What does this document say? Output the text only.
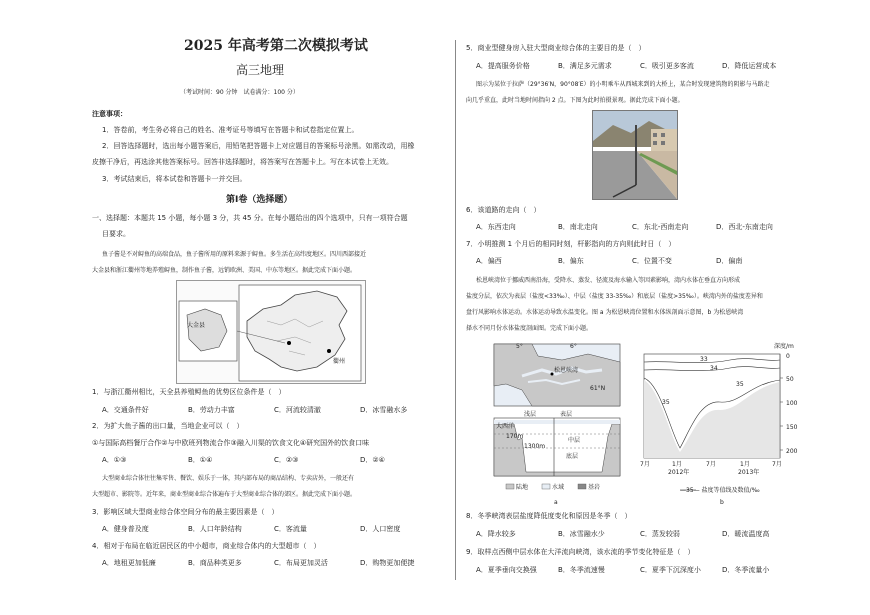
2025 年高考第二次模拟考试
高三地理
（考试时间：90 分钟　试卷满分：100 分）
注意事项：
1．答卷前，考生务必将自己的姓名、准考证号等填写在答题卡和试卷指定位置上。
2．回答选择题时，选出每小题答案后，用铅笔把答题卡上对应题目的答案标号涂黑。如需改动，用橡
皮擦干净后，再选涂其他答案标号。回答非选择题时，将答案写在答题卡上。写在本试卷上无效。
3．考试结束后，将本试卷和答题卡一并交回。
第Ⅰ卷（选择题）
一、选择题：本题共 15 小题，每小题 3 分，共 45 分。在每小题给出的四个选项中，只有一项符合题
目要求。
鱼子酱是不对鲟鱼的高端食品，鱼子酱所用的原料来源于鲟鱼。多生活在高纬度地区。四川西部接近
大金县和浙江衢州等地养殖鲟鱼，制作鱼子酱，远销欧洲、美国、中东等地区。据此完成下面小题。
大金县
衢州
1．与浙江衢州相比，天全县养殖鲟鱼的优势区位条件是（　）
A．交通条件好	B．劳动力丰富	C．河流较清澈	D．冰雪融水多
2．为扩大鱼子酱的出口量，当地企业可以（　）
①与国际高档餐厅合作②与中欧班列物流合作③融入川渠的饮食文化④研究国外的饮食口味
A．①③	B．①④	C．②③	D．②④
大型商业综合体往往集零售、餐饮、娱乐于一体，其内部布局的商品结构、专卖店外，一般还有
大型超市、影院等。近年来，商业型商业综合体遍布于大型商业综合体的郊区。据此完成下面小题。
3．影响区域大型商业综合体空间分布的最主要因素是（　）
A．健身普及度	B．人口年龄结构	C．客流量	D．人口密度
4．相对于布局在临近居民区的中小超市，商业综合体内的大型超市（　）
A．地租更加低廉	B．商品种类更多	C．布局更加灵活	D．购物更加便捷
5．商业型健身房入驻大型商业综合体的主要目的是（　）
A．提高服务价格	B．满足多元需求	C．吸引更多客流	D．降低运营成本
图示为某位于拉萨（29°36′N，90°08′E）的小明乘车从西城来到的大桥上，某合时发现建筑物的阴影与马路走
向几乎重直，此时当地时间指向 2 点。下图为此时拍摄景观。据此完成下面小题。
6．该道路的走向（　）
A．东西走向	B．南北走向	C．东北-西南走向	D．西北-东南走向
7．小明推测 1 个月后的相同时刻，杆影指向的方向则此时日（　）
A．偏西	B．偏东	C．位置不变	D．偏南
松恩峡湾位于挪威西南沿海，受降水、蒸发、径流及海水输入等因素影响，湾内水体在垂直方向形成
盐度分层，依次为表层（盐度<33‰）、中层（盐度 33-35‰）和底层（盐度>35‰）。峡湾内外的盐度差异和
盘行风影响水体运动。水体运动导致水温变化。图 a 为松恩峡湾位置和水体纵剖面示意图，b 为松恩峡湾
择水不同月份水体盐度剖面图。完成下面小题。
5°	6°
61°N
松恩峡湾
大西洋
浅层	表层
170m
中层
1300m
底层
陆地	水域	基岩
a
深度/m
0
50
100
150
200
33
34
35
35
7月	1月	7月	1月	7月
2012年	2013年
—35— 盐度等值线及数值/‰
b
8．冬季峡湾表层盐度降低度变化和原因是冬季（　）
A．降水较多	B．冰雪融水少	C．蒸发较弱	D．暖流温度高
9．取样点西侧中层水体在大洋流向峡湾，该水流的季节变化特征是（　）
A．夏季垂向交换强	B．冬季流速慢	C．夏季下沉深度小	D．冬季流量小
